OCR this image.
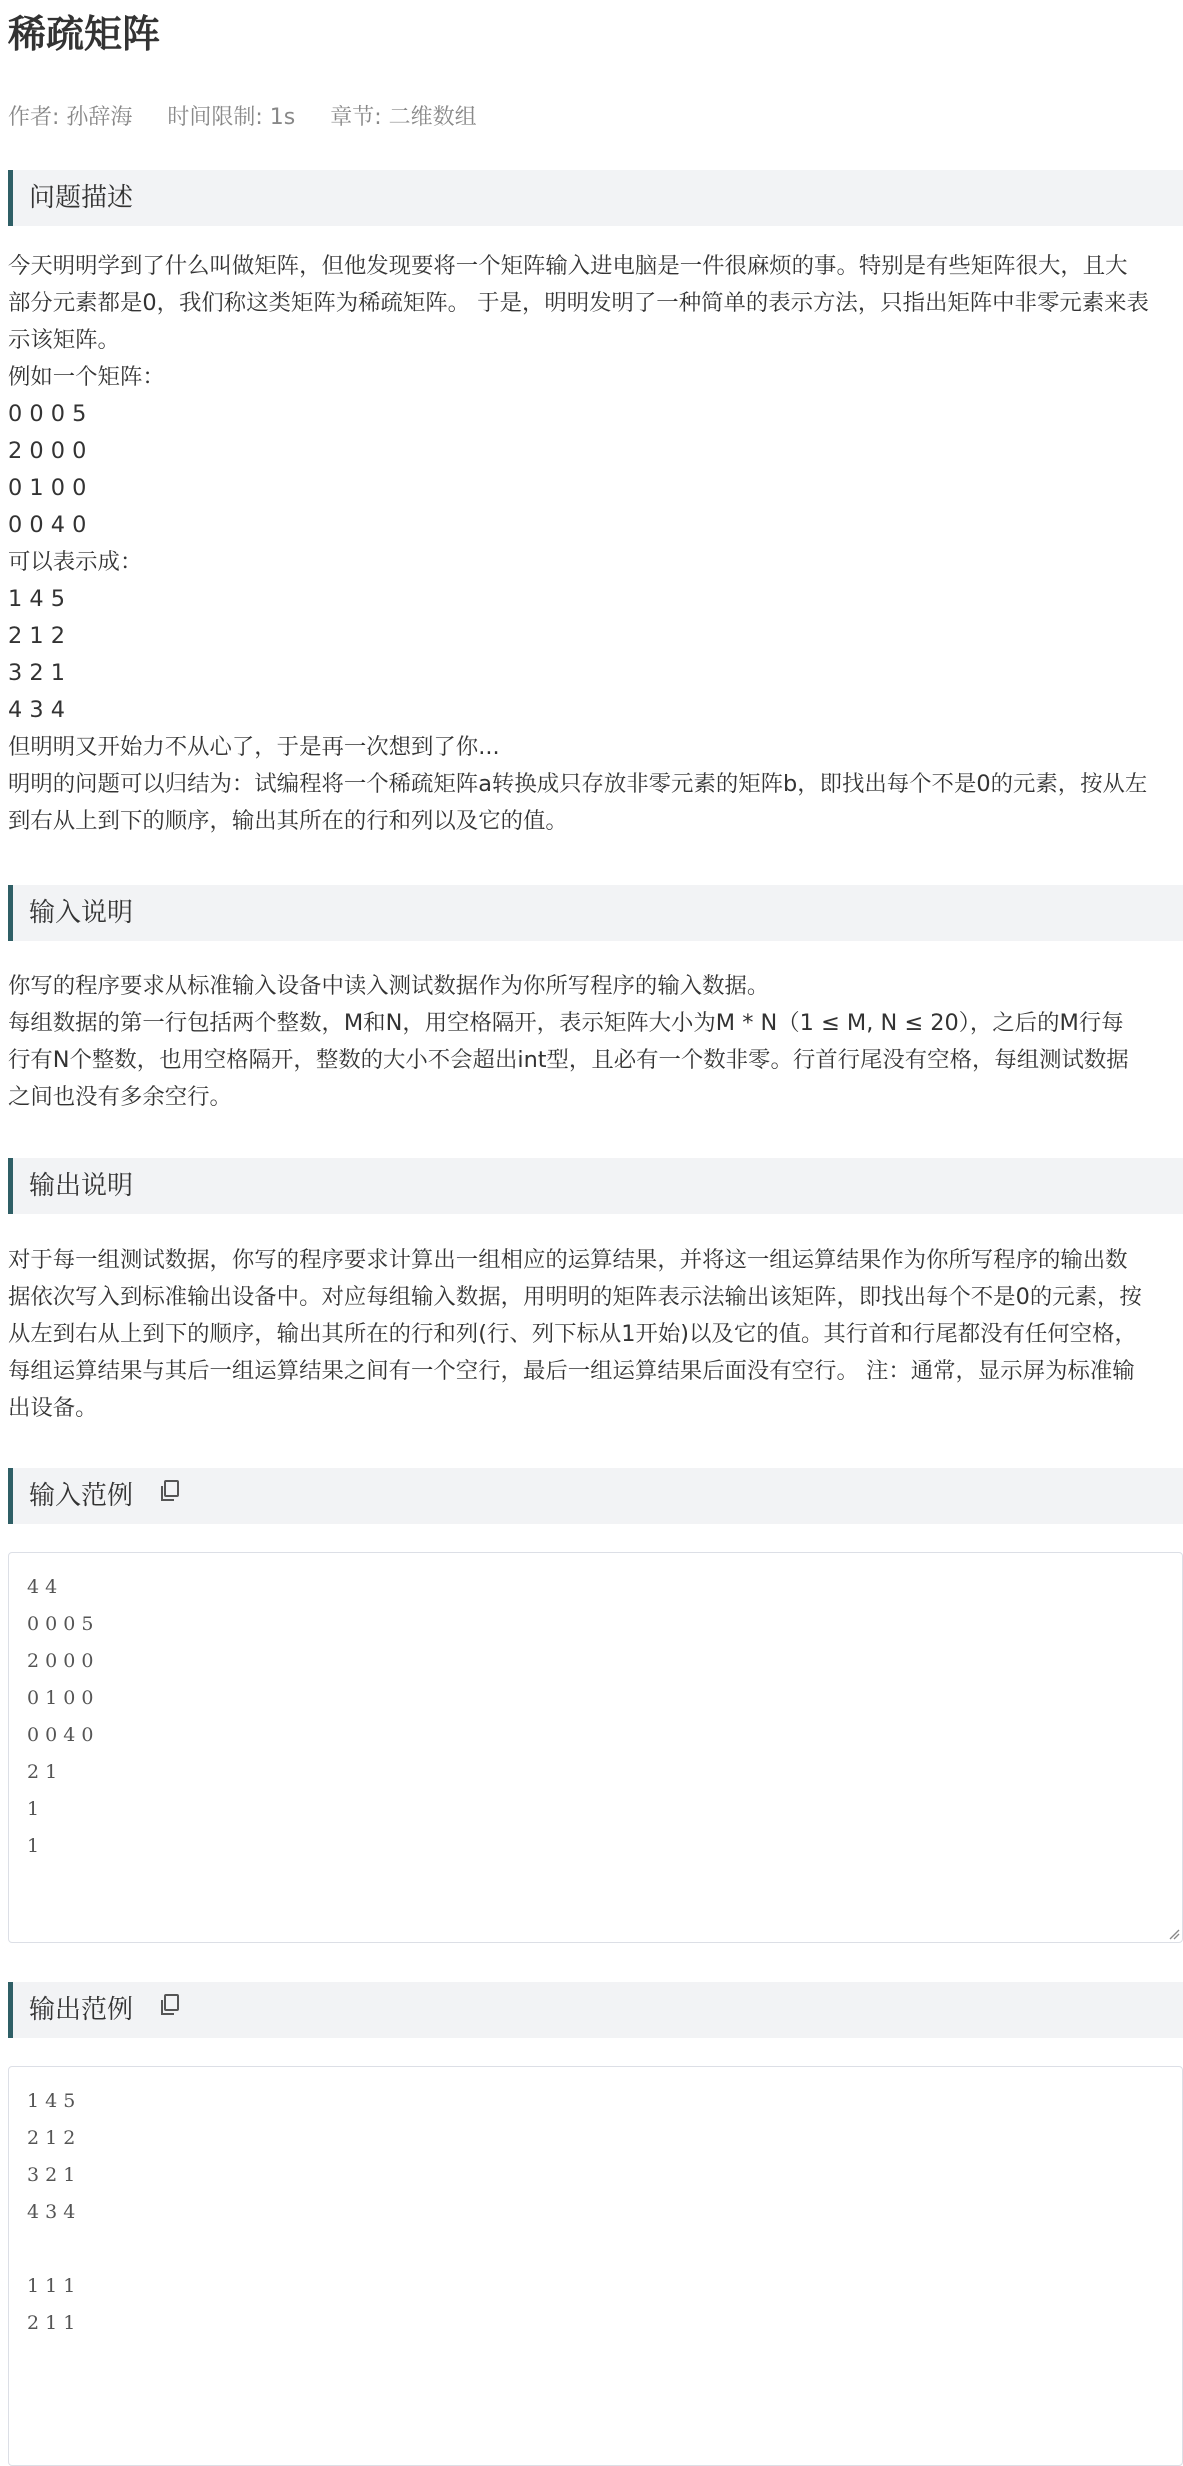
稀疏矩阵
作者: 孙辞海 时间限制: 1s 章节: 二维数组
问题描述
今天明明学到了什么叫做矩阵，但他发现要将一个矩阵输入进电脑是一件很麻烦的事。特别是有些矩阵很大，且大
部分元素都是0，我们称这类矩阵为稀疏矩阵。 于是，明明发明了一种简单的表示方法，只指出矩阵中非零元素来表
示该矩阵。
例如一个矩阵：
0 0 0 5
2 0 0 0
0 1 0 0
0 0 4 0
可以表示成：
1 4 5
2 1 2
3 2 1
4 3 4
但明明又开始力不从心了，于是再一次想到了你...
明明的问题可以归结为：试编程将一个稀疏矩阵a转换成只存放非零元素的矩阵b，即找出每个不是0的元素，按从左
到右从上到下的顺序，输出其所在的行和列以及它的值。
输入说明
你写的程序要求从标准输入设备中读入测试数据作为你所写程序的输入数据。
每组数据的第一行包括两个整数，M和N，用空格隔开，表示矩阵大小为M * N（1 ≤ M, N ≤ 20），之后的M行每
行有N个整数，也用空格隔开，整数的大小不会超出int型，且必有一个数非零。行首行尾没有空格，每组测试数据
之间也没有多余空行。
输出说明
对于每一组测试数据，你写的程序要求计算出一组相应的运算结果，并将这一组运算结果作为你所写程序的输出数
据依次写入到标准输出设备中。对应每组输入数据，用明明的矩阵表示法输出该矩阵，即找出每个不是0的元素，按
从左到右从上到下的顺序，输出其所在的行和列(行、列下标从1开始)以及它的值。其行首和行尾都没有任何空格，
每组运算结果与其后一组运算结果之间有一个空行，最后一组运算结果后面没有空行。 注：通常，显示屏为标准输
出设备。
输入范例
4 4
0 0 0 5
2 0 0 0
0 1 0 0
0 0 4 0
2 1
1
1
输出范例
1 4 5
2 1 2
3 2 1
4 3 4
1 1 1
2 1 1
